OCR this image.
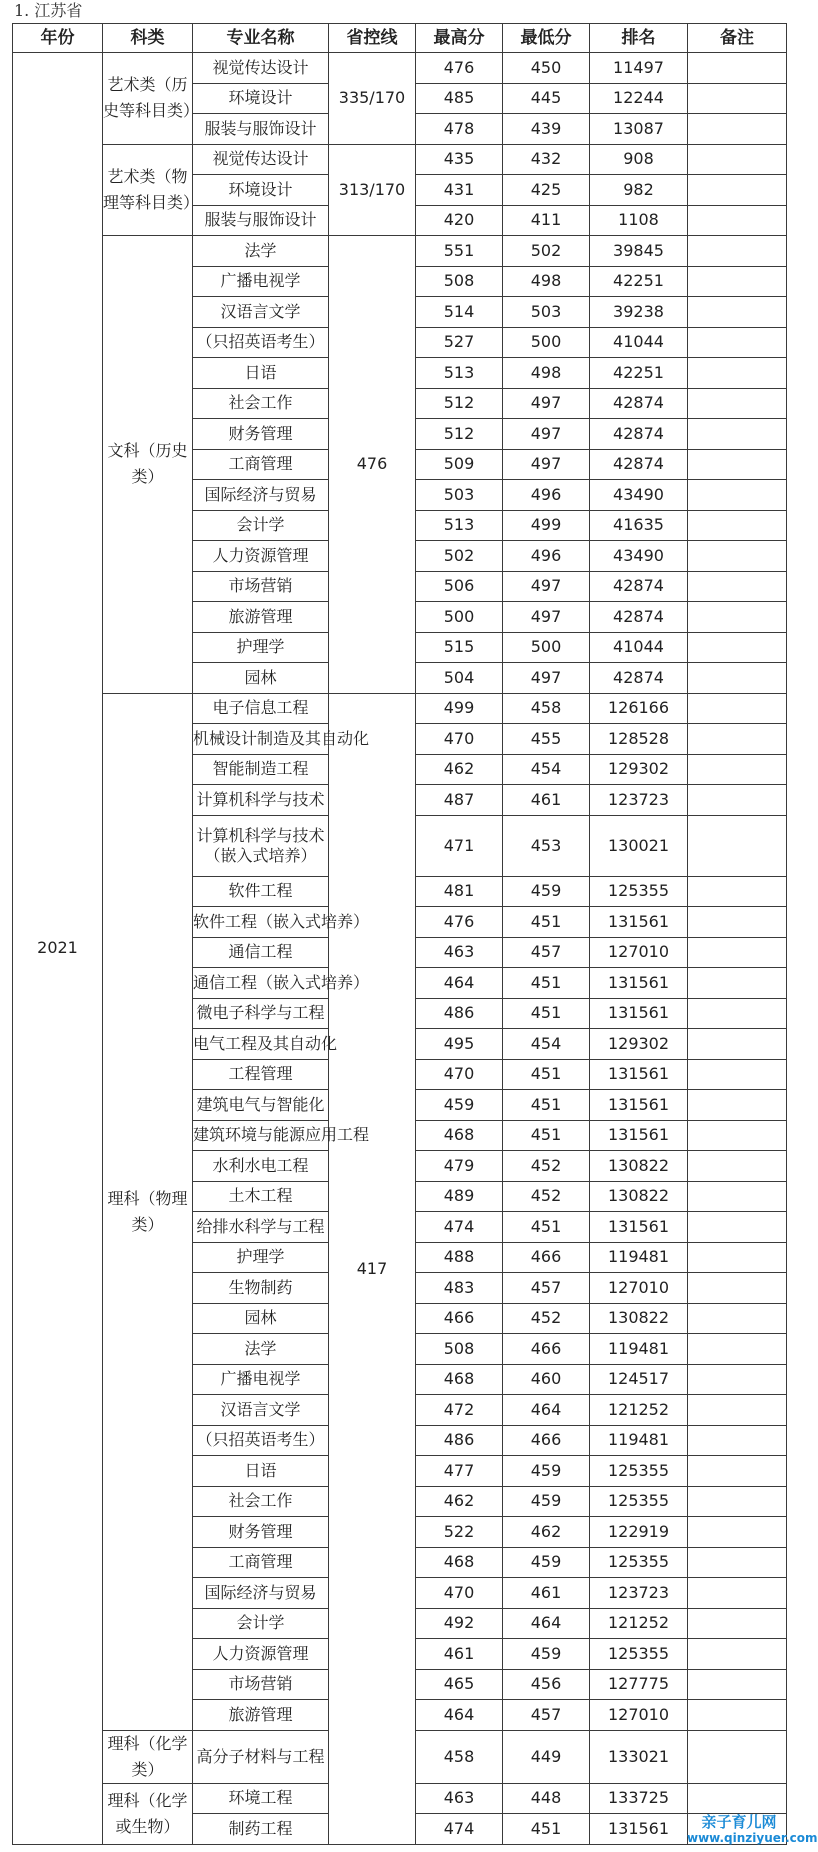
1. 江苏省
年份	科类	专业名称	省控线	最高分	最低分	排名	备注
2021	艺术类（历史等科目类）	视觉传达设计	335/170	476	450	11497	
		环境设计		485	445	12244	
		服装与服饰设计		478	439	13087	
	艺术类（物理等科目类）	视觉传达设计	313/170	435	432	908	
		环境设计		431	425	982	
		服装与服饰设计		420	411	1108	
	文科（历史类）	法学	476	551	502	39845	
		广播电视学		508	498	42251	
		汉语言文学		514	503	39238	
		（只招英语考生）		527	500	41044	
		日语		513	498	42251	
		社会工作		512	497	42874	
		财务管理		512	497	42874	
		工商管理		509	497	42874	
		国际经济与贸易		503	496	43490	
		会计学		513	499	41635	
		人力资源管理		502	496	43490	
		市场营销		506	497	42874	
		旅游管理		500	497	42874	
		护理学		515	500	41044	
		园林		504	497	42874	
	理科（物理类）	电子信息工程	417	499	458	126166	
		机械设计制造及其自动化		470	455	128528	
		智能制造工程		462	454	129302	
		计算机科学与技术		487	461	123723	
		计算机科学与技术（嵌入式培养）		471	453	130021	
		软件工程		481	459	125355	
		软件工程（嵌入式培养）		476	451	131561	
		通信工程		463	457	127010	
		通信工程（嵌入式培养）		464	451	131561	
		微电子科学与工程		486	451	131561	
		电气工程及其自动化		495	454	129302	
		工程管理		470	451	131561	
		建筑电气与智能化		459	451	131561	
		建筑环境与能源应用工程		468	451	131561	
		水利水电工程		479	452	130822	
		土木工程		489	452	130822	
		给排水科学与工程		474	451	131561	
		护理学		488	466	119481	
		生物制药		483	457	127010	
		园林		466	452	130822	
		法学		508	466	119481	
		广播电视学		468	460	124517	
		汉语言文学		472	464	121252	
		（只招英语考生）		486	466	119481	
		日语		477	459	125355	
		社会工作		462	459	125355	
		财务管理		522	462	122919	
		工商管理		468	459	125355	
		国际经济与贸易		470	461	123723	
		会计学		492	464	121252	
		人力资源管理		461	459	125355	
		市场营销		465	456	127775	
		旅游管理		464	457	127010	
	理科（化学类）	高分子材料与工程		458	449	133021	
	理科（化学或生物）	环境工程		463	448	133725	
		制药工程		474	451	131561		亲子育儿网
www.qinziyuer.com
